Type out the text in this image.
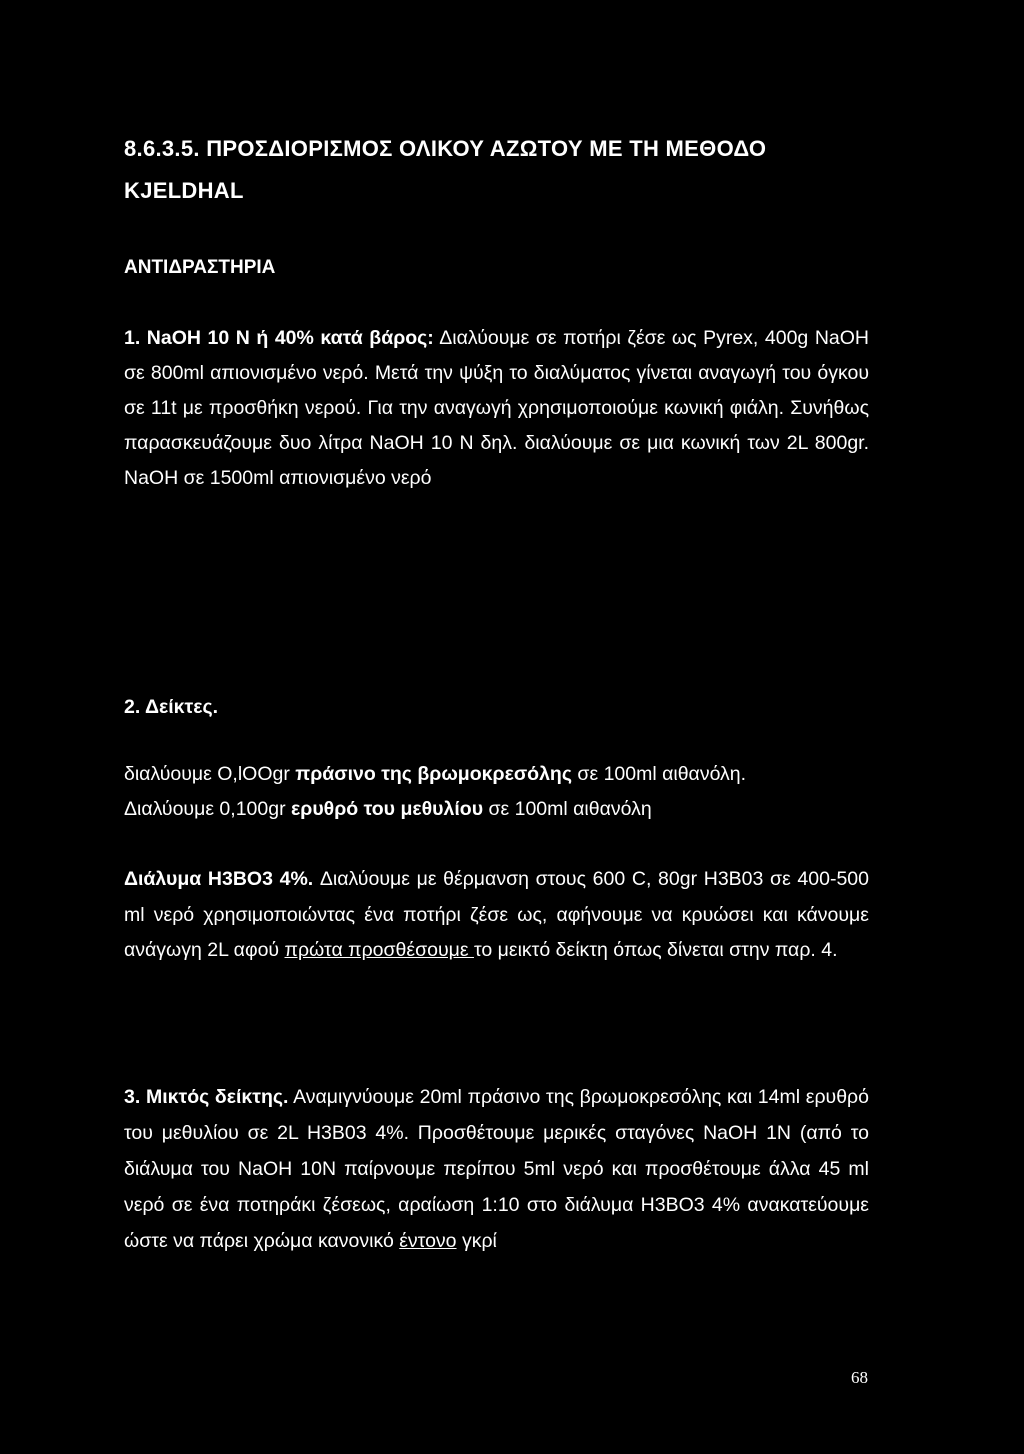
8.6.3.5. ΠΡΟΣΔΙΟΡΙΣΜΟΣ ΟΛΙΚΟΥ ΑΖΩΤΟΥ ΜΕ ΤΗ ΜΕΘΟΔΟ KJELDHAL
ΑΝΤΙΔΡΑΣΤΗΡΙΑ
1. NaOH 10 N ή 40% κατά βάρος: Διαλύουμε σε ποτήρι ζέσε ως Pyrex, 400g NaOH σε 800ml απιονισμένο νερό. Μετά την ψύξη το διαλύματος γίνεται αναγωγή του όγκου σε 11t με προσθήκη νερού. Για την αναγωγή χρησιμοποιούμε κωνική φιάλη. Συνήθως παρασκευάζουμε δυο λίτρα NaOH 10 N δηλ. διαλύουμε σε μια κωνική των 2L 800gr. NaOH σε 1500ml απιονισμένο νερό
2. Δείκτες.
διαλύουμε O,lOOgr πράσινο της βρωμοκρεσόλης σε 100ml αιθανόλη.
Διαλύουμε 0,100gr ερυθρό του μεθυλίου σε 100ml αιθανόλη
Διάλυμα H3BO3 4%. Διαλύουμε με θέρμανση στους 600 C, 80gr H3B03 σε 400-500 ml νερό χρησιμοποιώντας ένα ποτήρι ζέσε ως, αφήνουμε να κρυώσει και κάνουμε ανάγωγη 2L αφού πρώτα προσθέσουμε το μεικτό δείκτη όπως δίνεται στην παρ. 4.
3. Μικτός δείκτης. Αναμιγνύουμε 20ml πράσινο της βρωμοκρεσόλης και 14ml ερυθρό του μεθυλίου σε 2L H3B03 4%. Προσθέτουμε μερικές σταγόνες NaOH 1N (από το διάλυμα του NaOH 10N παίρνουμε περίπου 5ml νερό και προσθέτουμε άλλα 45 ml νερό σε ένα ποτηράκι ζέσεως, αραίωση 1:10 στο διάλυμα H3BO3 4% ανακατεύουμε ώστε να πάρει χρώμα κανονικό έντονο γκρί
68
